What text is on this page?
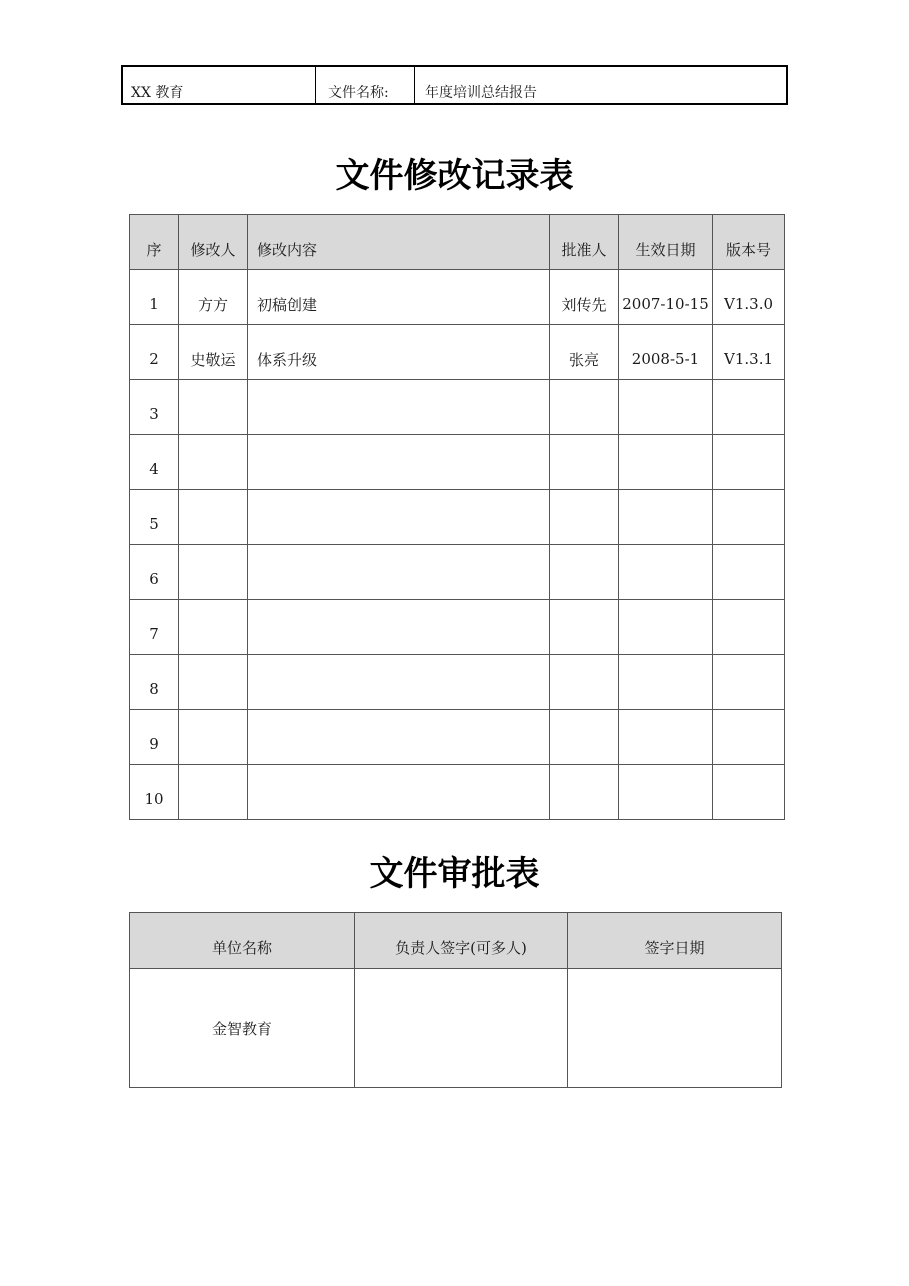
XX 教育	文件名称:	年度培训总结报告
文件修改记录表
序	修改人	修改内容	批准人	生效日期	版本号
1	方方	初稿创建	刘传先	2007-10-15	V1.3.0
2	史敬运	体系升级	张亮	2008-5-1	V1.3.1
3					
4					
5					
6					
7					
8					
9					
10					
文件审批表
单位名称	负责人签字(可多人)	签字日期
金智教育		
